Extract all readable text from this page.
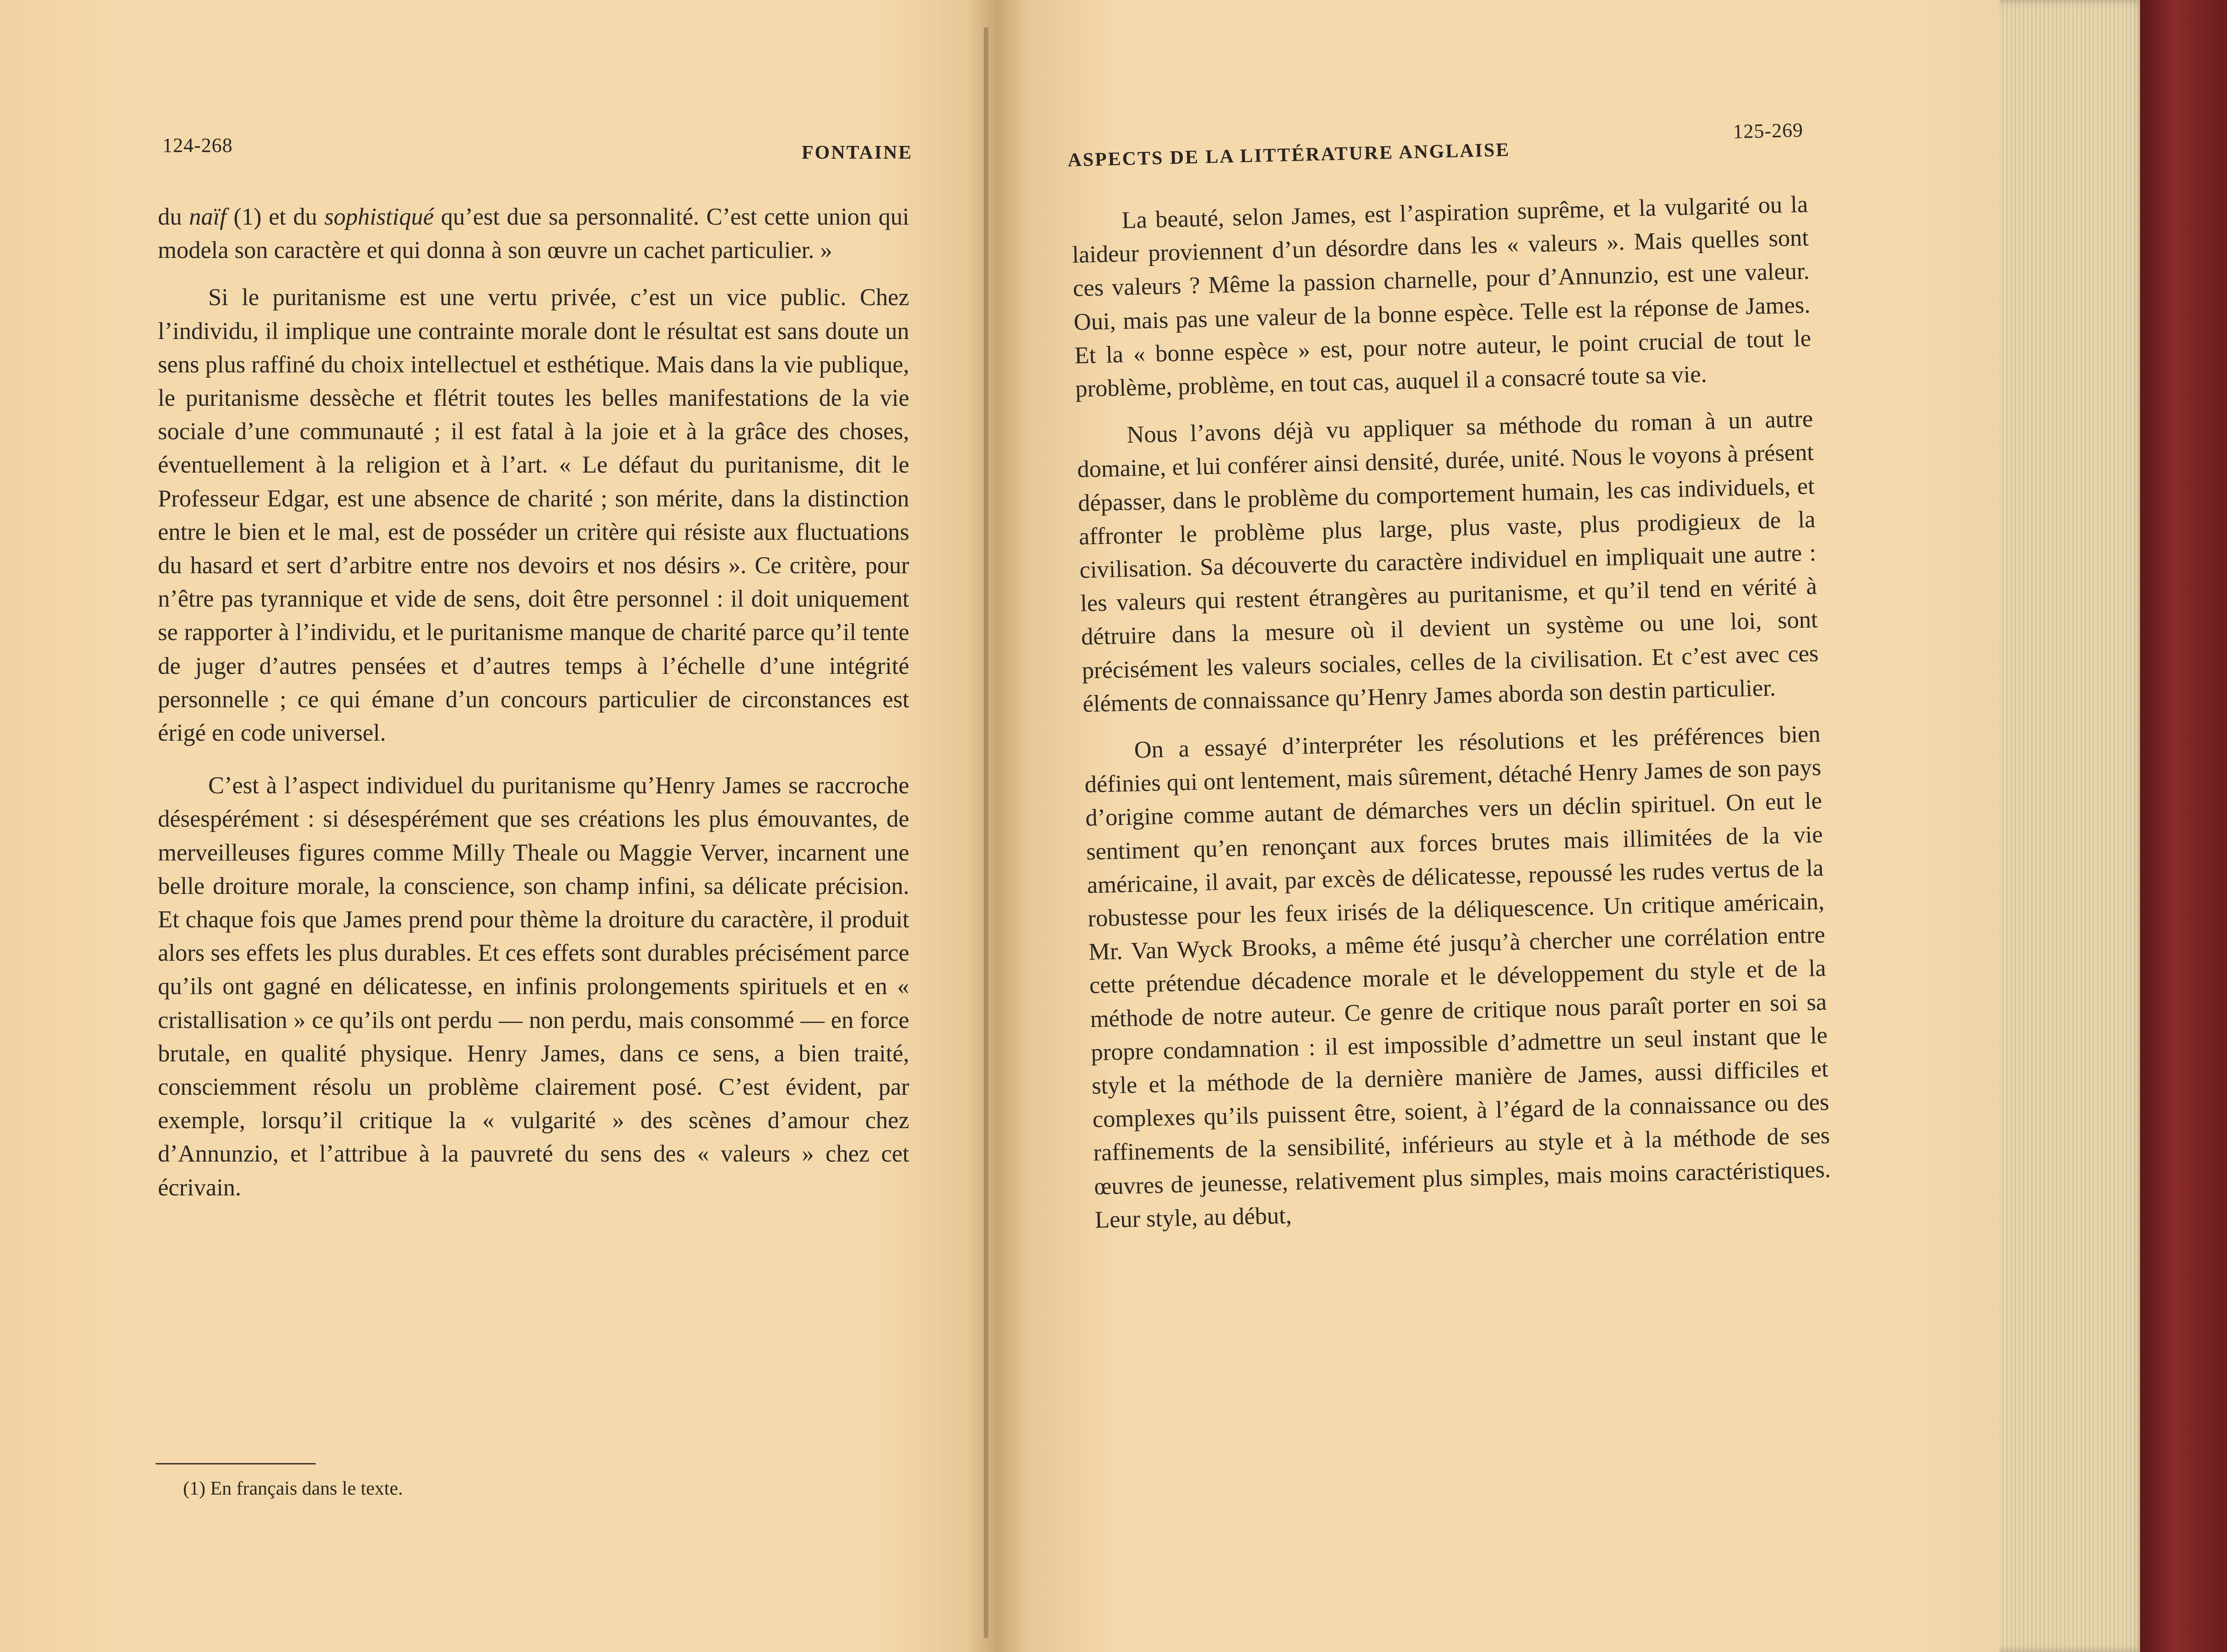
124-268	FONTAINE

du naïf (1) et du sophistiqué qu’est due sa personnalité. C’est cette union qui modela son caractère et qui donna à son œuvre un cachet particulier. »

Si le puritanisme est une vertu privée, c’est un vice public. Chez l’individu, il implique une contrainte morale dont le résultat est sans doute un sens plus raffiné du choix intellectuel et esthétique. Mais dans la vie publique, le puritanisme dessèche et flétrit toutes les belles manifestations de la vie sociale d’une communauté ; il est fatal à la joie et à la grâce des choses, éventuellement à la religion et à l’art. « Le défaut du puritanisme, dit le Professeur Edgar, est une absence de charité ; son mérite, dans la distinction entre le bien et le mal, est de posséder un critère qui résiste aux fluctuations du hasard et sert d’arbitre entre nos devoirs et nos désirs ». Ce critère, pour n’être pas tyrannique et vide de sens, doit être personnel : il doit uniquement se rapporter à l’individu, et le puritanisme manque de charité parce qu’il tente de juger d’autres pensées et d’autres temps à l’échelle d’une intégrité personnelle ; ce qui émane d’un concours particulier de circonstances est érigé en code universel.

C’est à l’aspect individuel du puritanisme qu’Henry James se raccroche désespérément : si désespérément que ses créations les plus émouvantes, de merveilleuses figures comme Milly Theale ou Maggie Verver, incarnent une belle droiture morale, la conscience, son champ infini, sa délicate précision. Et chaque fois que James prend pour thème la droiture du caractère, il produit alors ses effets les plus durables. Et ces effets sont durables précisément parce qu’ils ont gagné en délicatesse, en infinis prolongements spirituels et en « cristallisation » ce qu’ils ont perdu — non perdu, mais consommé — en force brutale, en qualité physique. Henry James, dans ce sens, a bien traité, consciemment résolu un problème clairement posé. C’est évident, par exemple, lorsqu’il critique la « vulgarité » des scènes d’amour chez d’Annunzio, et l’attribue à la pauvreté du sens des « valeurs » chez cet écrivain.

(1) En français dans le texte.
ASPECTS DE LA LITTÉRATURE ANGLAISE
125-269

La beauté, selon James, est l’aspiration suprême, et la vulgarité ou la laideur proviennent d’un désordre dans les « valeurs ». Mais quelles sont ces valeurs ? Même la passion charnelle, pour d’Annunzio, est une valeur. Oui, mais pas une valeur de la bonne espèce. Telle est la réponse de James. Et la « bonne espèce » est, pour notre auteur, le point crucial de tout le problème, problème, en tout cas, auquel il a consacré toute sa vie.

Nous l’avons déjà vu appliquer sa méthode du roman à un autre domaine, et lui conférer ainsi densité, durée, unité. Nous le voyons à présent dépasser, dans le problème du comportement humain, les cas individuels, et affronter le problème plus large, plus vaste, plus prodigieux de la civilisation. Sa découverte du caractère individuel en impliquait une autre : les valeurs qui restent étrangères au puritanisme, et qu’il tend en vérité à détruire dans la mesure où il devient un système ou une loi, sont précisément les valeurs sociales, celles de la civilisation. Et c’est avec ces éléments de connaissance qu’Henry James aborda son destin particulier.

On a essayé d’interpréter les résolutions et les préférences bien définies qui ont lentement, mais sûrement, détaché Henry James de son pays d’origine comme autant de démarches vers un déclin spirituel. On eut le sentiment qu’en renonçant aux forces brutes mais illimitées de la vie américaine, il avait, par excès de délicatesse, repoussé les rudes vertus de la robustesse pour les feux irisés de la déliquescence. Un critique américain, Mr. Van Wyck Brooks, a même été jusqu’à chercher une corrélation entre cette prétendue décadence morale et le développement du style et de la méthode de notre auteur. Ce genre de critique nous paraît porter en soi sa propre condamnation : il est impossible d’admettre un seul instant que le style et la méthode de la dernière manière de James, aussi difficiles et complexes qu’ils puissent être, soient, à l’égard de la connaissance ou des raffinements de la sensibilité, inférieurs au style et à la méthode de ses œuvres de jeunesse, relativement plus simples, mais moins caractéristiques. Leur style, au début,
